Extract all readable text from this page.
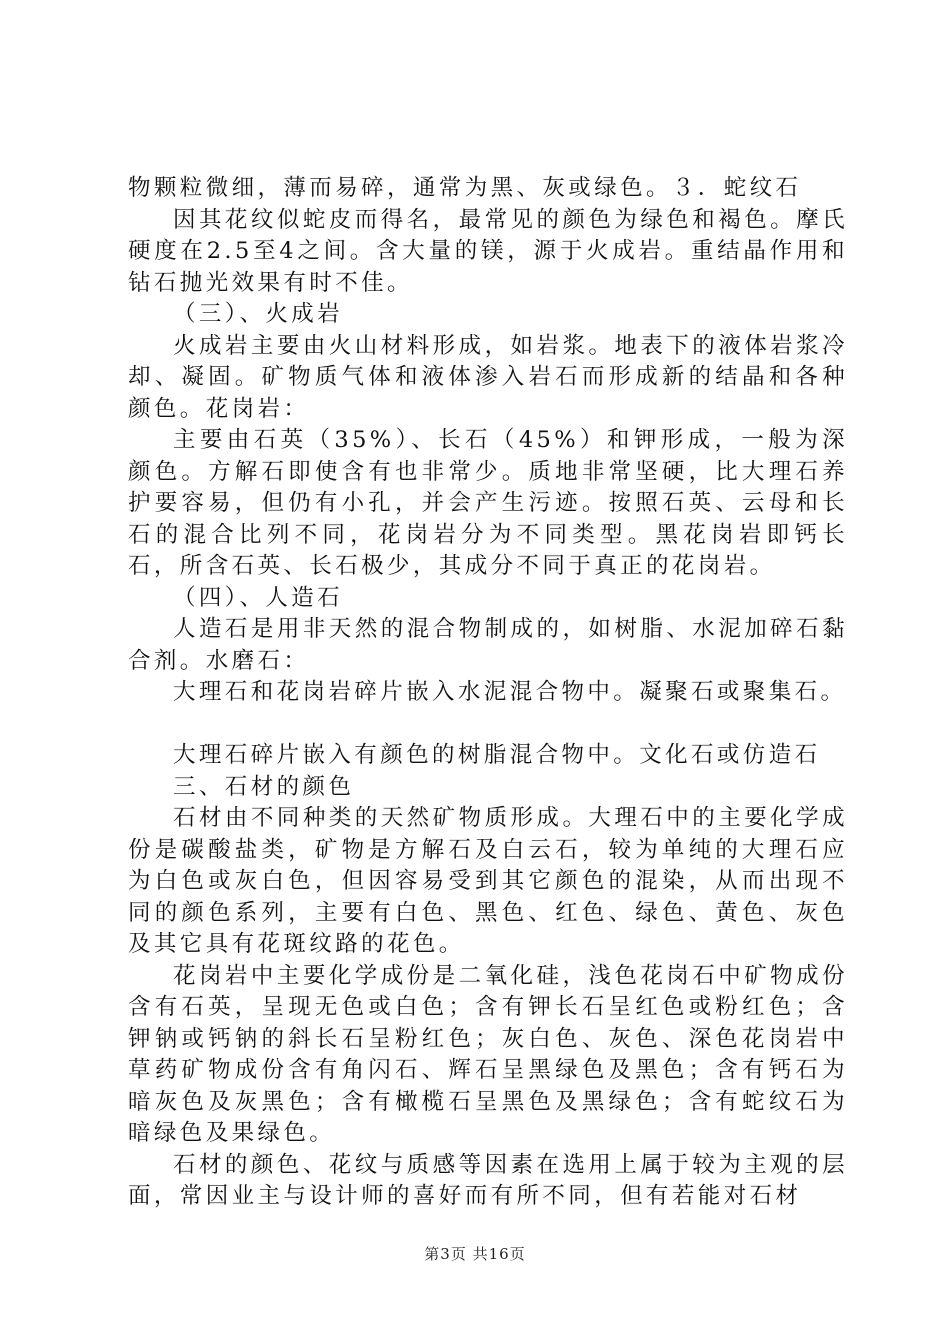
物颗粒微细，薄而易碎，通常为黑、灰或绿色。３．蛇纹石

因其花纹似蛇皮而得名，最常见的颜色为绿色和褐色。摩氏硬度在2.5至4之间。含大量的镁，源于火成岩。重结晶作用和钻石抛光效果有时不佳。

（三）、火成岩

火成岩主要由火山材料形成，如岩浆。地表下的液体岩浆冷却、凝固。矿物质气体和液体渗入岩石而形成新的结晶和各种颜色。花岗岩：

主要由石英（35%）、长石（45%）和钾形成，一般为深颜色。方解石即使含有也非常少。质地非常坚硬，比大理石养护要容易，但仍有小孔，并会产生污迹。按照石英、云母和长石的混合比列不同，花岗岩分为不同类型。黑花岗岩即钙长石，所含石英、长石极少，其成分不同于真正的花岗岩。

（四）、人造石

人造石是用非天然的混合物制成的，如树脂、水泥加碎石黏合剂。水磨石：

大理石和花岗岩碎片嵌入水泥混合物中。凝聚石或聚集石。

大理石碎片嵌入有颜色的树脂混合物中。文化石或仿造石

三、石材的颜色

石材由不同种类的天然矿物质形成。大理石中的主要化学成份是碳酸盐类，矿物是方解石及白云石，较为单纯的大理石应为白色或灰白色，但因容易受到其它颜色的混染，从而出现不同的颜色系列，主要有白色、黑色、红色、绿色、黄色、灰色及其它具有花斑纹路的花色。

花岗岩中主要化学成份是二氧化硅，浅色花岗石中矿物成份含有石英，呈现无色或白色；含有钾长石呈红色或粉红色；含钾钠或钙钠的斜长石呈粉红色；灰白色、灰色、深色花岗岩中草药矿物成份含有角闪石、辉石呈黑绿色及黑色；含有钙石为暗灰色及灰黑色；含有橄榄石呈黑色及黑绿色；含有蛇纹石为暗绿色及果绿色。

石材的颜色、花纹与质感等因素在选用上属于较为主观的层面，常因业主与设计师的喜好而有所不同，但有若能对石材

第3页 共16页
